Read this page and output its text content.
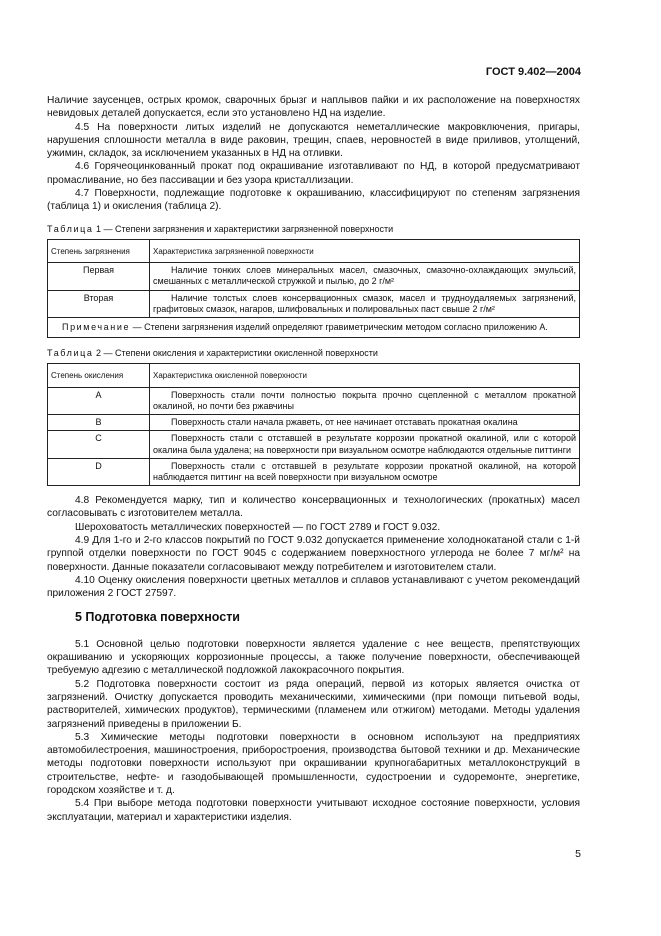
ГОСТ 9.402—2004

Наличие заусенцев, острых кромок, сварочных брызг и наплывов пайки и их расположение на поверхностях невидовых деталей допускается, если это установлено НД на изделие.

4.5 На поверхности литых изделий не допускаются неметаллические макровключения, пригары, нарушения сплошности металла в виде раковин, трещин, спаев, неровностей в виде приливов, утолщений, ужимин, складок, за исключением указанных в НД на отливки.

4.6 Горячеоцинкованный прокат под окрашивание изготавливают по НД, в которой предусматривают промасливание, но без пассивации и без узора кристаллизации.

4.7 Поверхности, подлежащие подготовке к окрашиванию, классифицируют по степеням загрязнения (таблица 1) и окисления (таблица 2).

Таблица 1 — Степени загрязнения и характеристики загрязненной поверхности
Степень загрязнения	Характеристика загрязненной поверхности
Первая	Наличие тонких слоев минеральных масел, смазочных, смазочно-охлаждающих эмульсий, смешанных с металлической стружкой и пылью, до 2 г/м²
Вторая	Наличие толстых слоев консервационных смазок, масел и трудноудаляемых загрязнений, графитовых смазок, нагаров, шлифовальных и полировальных паст свыше 2 г/м²
Примечание — Степени загрязнения изделий определяют гравиметрическим методом согласно приложению А.	
Таблица 2 — Степени окисления и характеристики окисленной поверхности
Степень окисления	Характеристика окисленной поверхности
А	Поверхность стали почти полностью покрыта прочно сцепленной с металлом прокатной окалиной, но почти без ржавчины
В	Поверхность стали начала ржаветь, от нее начинает отставать прокатная окалина
С	Поверхность стали с отставшей в результате коррозии прокатной окалиной, или с которой окалина была удалена; на поверхности при визуальном осмотре наблюдаются отдельные питтинги
D	Поверхность стали с отставшей в результате коррозии прокатной окалиной, на которой наблюдается питтинг на всей поверхности при визуальном осмотре

4.8 Рекомендуется марку, тип и количество консервационных и технологических (прокатных) масел согласовывать с изготовителем металла.

Шероховатость металлических поверхностей — по ГОСТ 2789 и ГОСТ 9.032.

4.9 Для 1-го и 2-го классов покрытий по ГОСТ 9.032 допускается применение холоднокатаной стали с 1-й группой отделки поверхности по ГОСТ 9045 с содержанием поверхностного углерода не более 7 мг/м² на поверхности. Данные показатели согласовывают между потребителем и изготовителем стали.

4.10 Оценку окисления поверхности цветных металлов и сплавов устанавливают с учетом рекомендаций приложения 2 ГОСТ 27597.

5 Подготовка поверхности

5.1 Основной целью подготовки поверхности является удаление с нее веществ, препятствующих окрашиванию и ускоряющих коррозионные процессы, а также получение поверхности, обеспечивающей требуемую адгезию с металлической подложкой лакокрасочного покрытия.

5.2 Подготовка поверхности состоит из ряда операций, первой из которых является очистка от загрязнений. Очистку допускается проводить механическими, химическими (при помощи питьевой воды, растворителей, химических продуктов), термическими (пламенем или отжигом) методами. Методы удаления загрязнений приведены в приложении Б.

5.3 Химические методы подготовки поверхности в основном используют на предприятиях автомобилестроения, машиностроения, приборостроения, производства бытовой техники и др. Механические методы подготовки поверхности используют при окрашивании крупногабаритных металлоконструкций в строительстве, нефте- и газодобывающей промышленности, судостроении и судоремонте, энергетике, городском хозяйстве и т. д.

5.4 При выборе метода подготовки поверхности учитывают исходное состояние поверхности, условия эксплуатации, материал и характеристики изделия.

5
